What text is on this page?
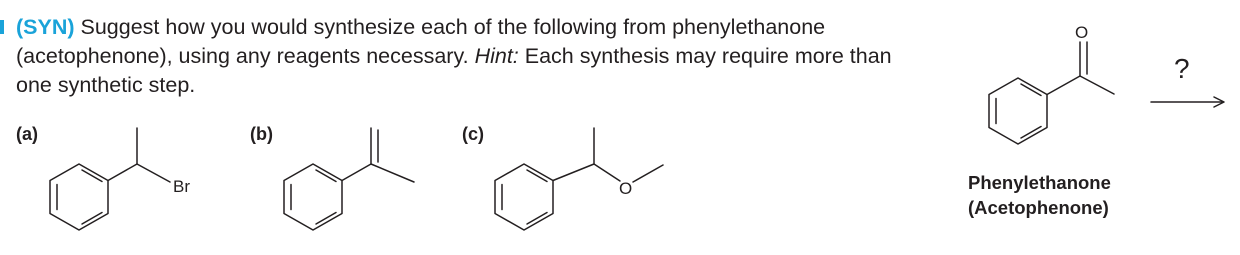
(SYN) Suggest how you would synthesize each of the following from phenylethanone (acetophenone), using any reagents necessary. Hint: Each synthesis may require more than one synthetic step.

(a)	(b)	(c)
Br	O
O
?
Phenylethanone
(Acetophenone)
